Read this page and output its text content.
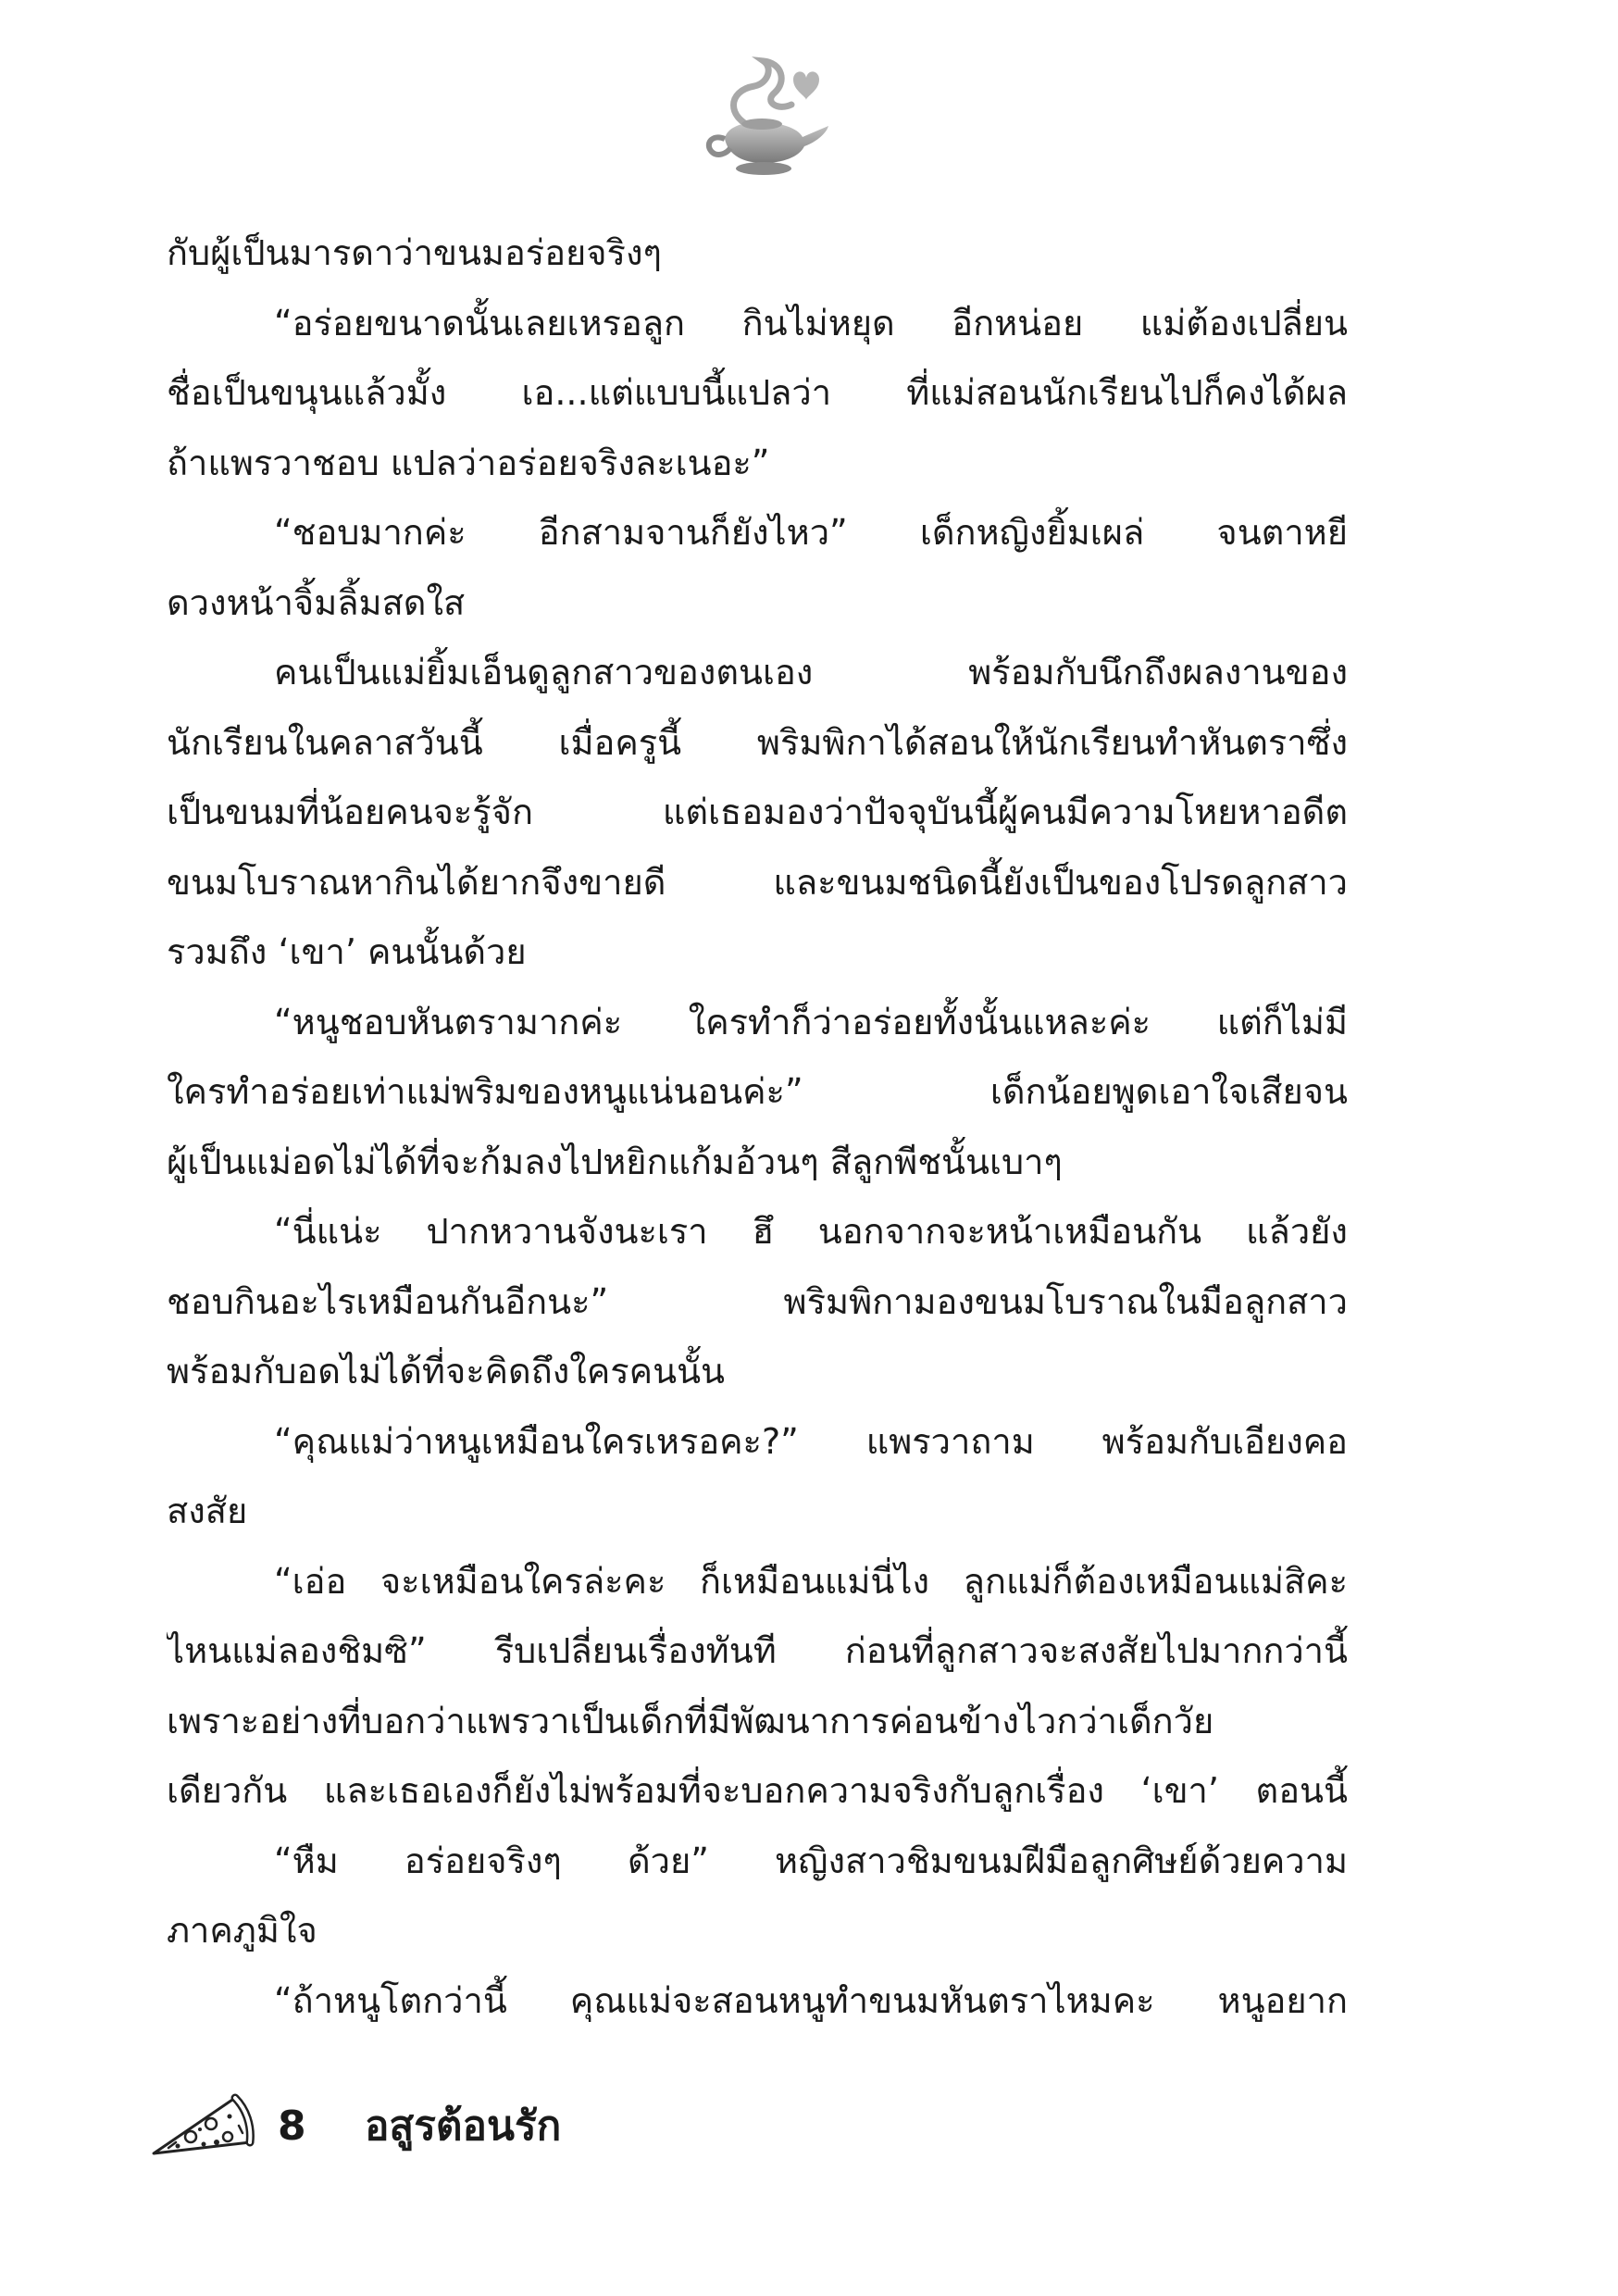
กับผู้เป็นมารดาว่าขนมอร่อยจริงๆ
“อร่อยขนาดนั้นเลยเหรอลูก กินไม่หยุด อีกหน่อย แม่ต้องเปลี่ยน
ชื่อเป็นขนุนแล้วมั้ง เอ...แต่แบบนี้แปลว่า ที่แม่สอนนักเรียนไปก็คงได้ผล
ถ้าแพรวาชอบ แปลว่าอร่อยจริงละเนอะ”
“ชอบมากค่ะ อีกสามจานก็ยังไหว” เด็กหญิงยิ้มเผล่ จนตาหยี
ดวงหน้าจิ้มลิ้มสดใส
คนเป็นแม่ยิ้มเอ็นดูลูกสาวของตนเอง พร้อมกับนึกถึงผลงานของ
นักเรียนในคลาสวันนี้ เมื่อครูนี้ พริมพิกาได้สอนให้นักเรียนทำหันตราซึ่ง
เป็นขนมที่น้อยคนจะรู้จัก แต่เธอมองว่าปัจจุบันนี้ผู้คนมีความโหยหาอดีต
ขนมโบราณหากินได้ยากจึงขายดี และขนมชนิดนี้ยังเป็นของโปรดลูกสาว
รวมถึง ‘เขา’ คนนั้นด้วย
“หนูชอบหันตรามากค่ะ ใครทำก็ว่าอร่อยทั้งนั้นแหละค่ะ แต่ก็ไม่มี
ใครทำอร่อยเท่าแม่พริมของหนูแน่นอนค่ะ” เด็กน้อยพูดเอาใจเสียจน
ผู้เป็นแม่อดไม่ได้ที่จะก้มลงไปหยิกแก้มอ้วนๆ สีลูกพีชนั้นเบาๆ
“นี่แน่ะ ปากหวานจังนะเรา ฮึ นอกจากจะหน้าเหมือนกัน แล้วยัง
ชอบกินอะไรเหมือนกันอีกนะ” พริมพิกามองขนมโบราณในมือลูกสาว
พร้อมกับอดไม่ได้ที่จะคิดถึงใครคนนั้น
“คุณแม่ว่าหนูเหมือนใครเหรอคะ?” แพรวาถาม พร้อมกับเอียงคอ
สงสัย
“เอ่อ จะเหมือนใครล่ะคะ ก็เหมือนแม่นี่ไง ลูกแม่ก็ต้องเหมือนแม่สิคะ
ไหนแม่ลองชิมซิ” รีบเปลี่ยนเรื่องทันที ก่อนที่ลูกสาวจะสงสัยไปมากกว่านี้
เพราะอย่างที่บอกว่าแพรวาเป็นเด็กที่มีพัฒนาการค่อนข้างไวกว่าเด็กวัย
เดียวกัน และเธอเองก็ยังไม่พร้อมที่จะบอกความจริงกับลูกเรื่อง ‘เขา’ ตอนนี้
“หืม อร่อยจริงๆ ด้วย” หญิงสาวชิมขนมฝีมือลูกศิษย์ด้วยความ
ภาคภูมิใจ
“ถ้าหนูโตกว่านี้ คุณแม่จะสอนหนูทำขนมหันตราไหมคะ หนูอยาก
8 อสูรต้อนรัก
